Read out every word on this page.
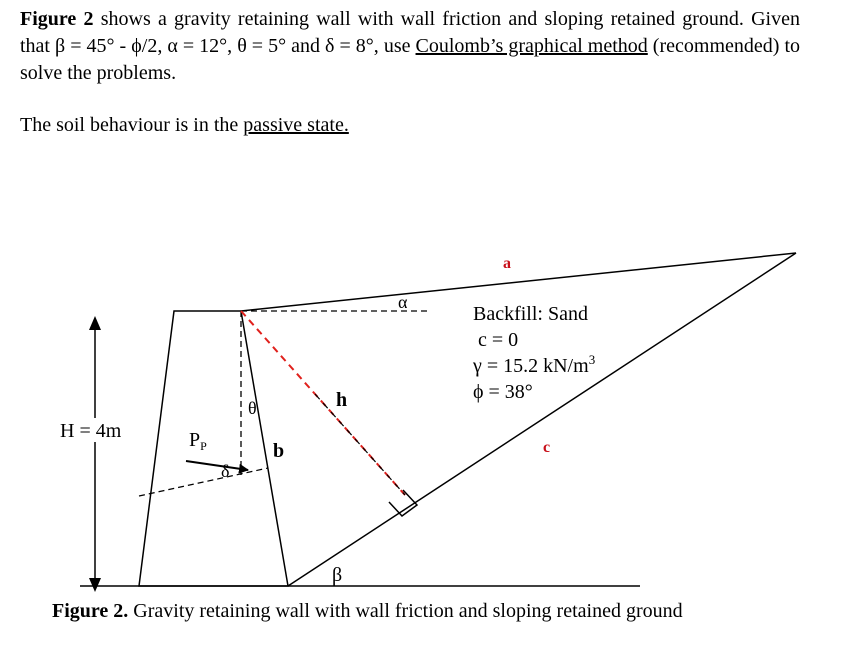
Figure 2 shows a gravity retaining wall with wall friction and sloping retained ground. Given that β = 45° - ϕ/2, α = 12°, θ = 5° and δ = 8°, use Coulomb’s graphical method (recommended) to solve the problems.

The soil behaviour is in the passive state.

a
α
Backfill: Sand
c = 0
γ = 15.2 $kN/m^3$
ϕ = 38°
h
θ
H = 4m	$P_P$
δ
b	c
β

Figure 2. Gravity retaining wall with wall friction and sloping retained ground
